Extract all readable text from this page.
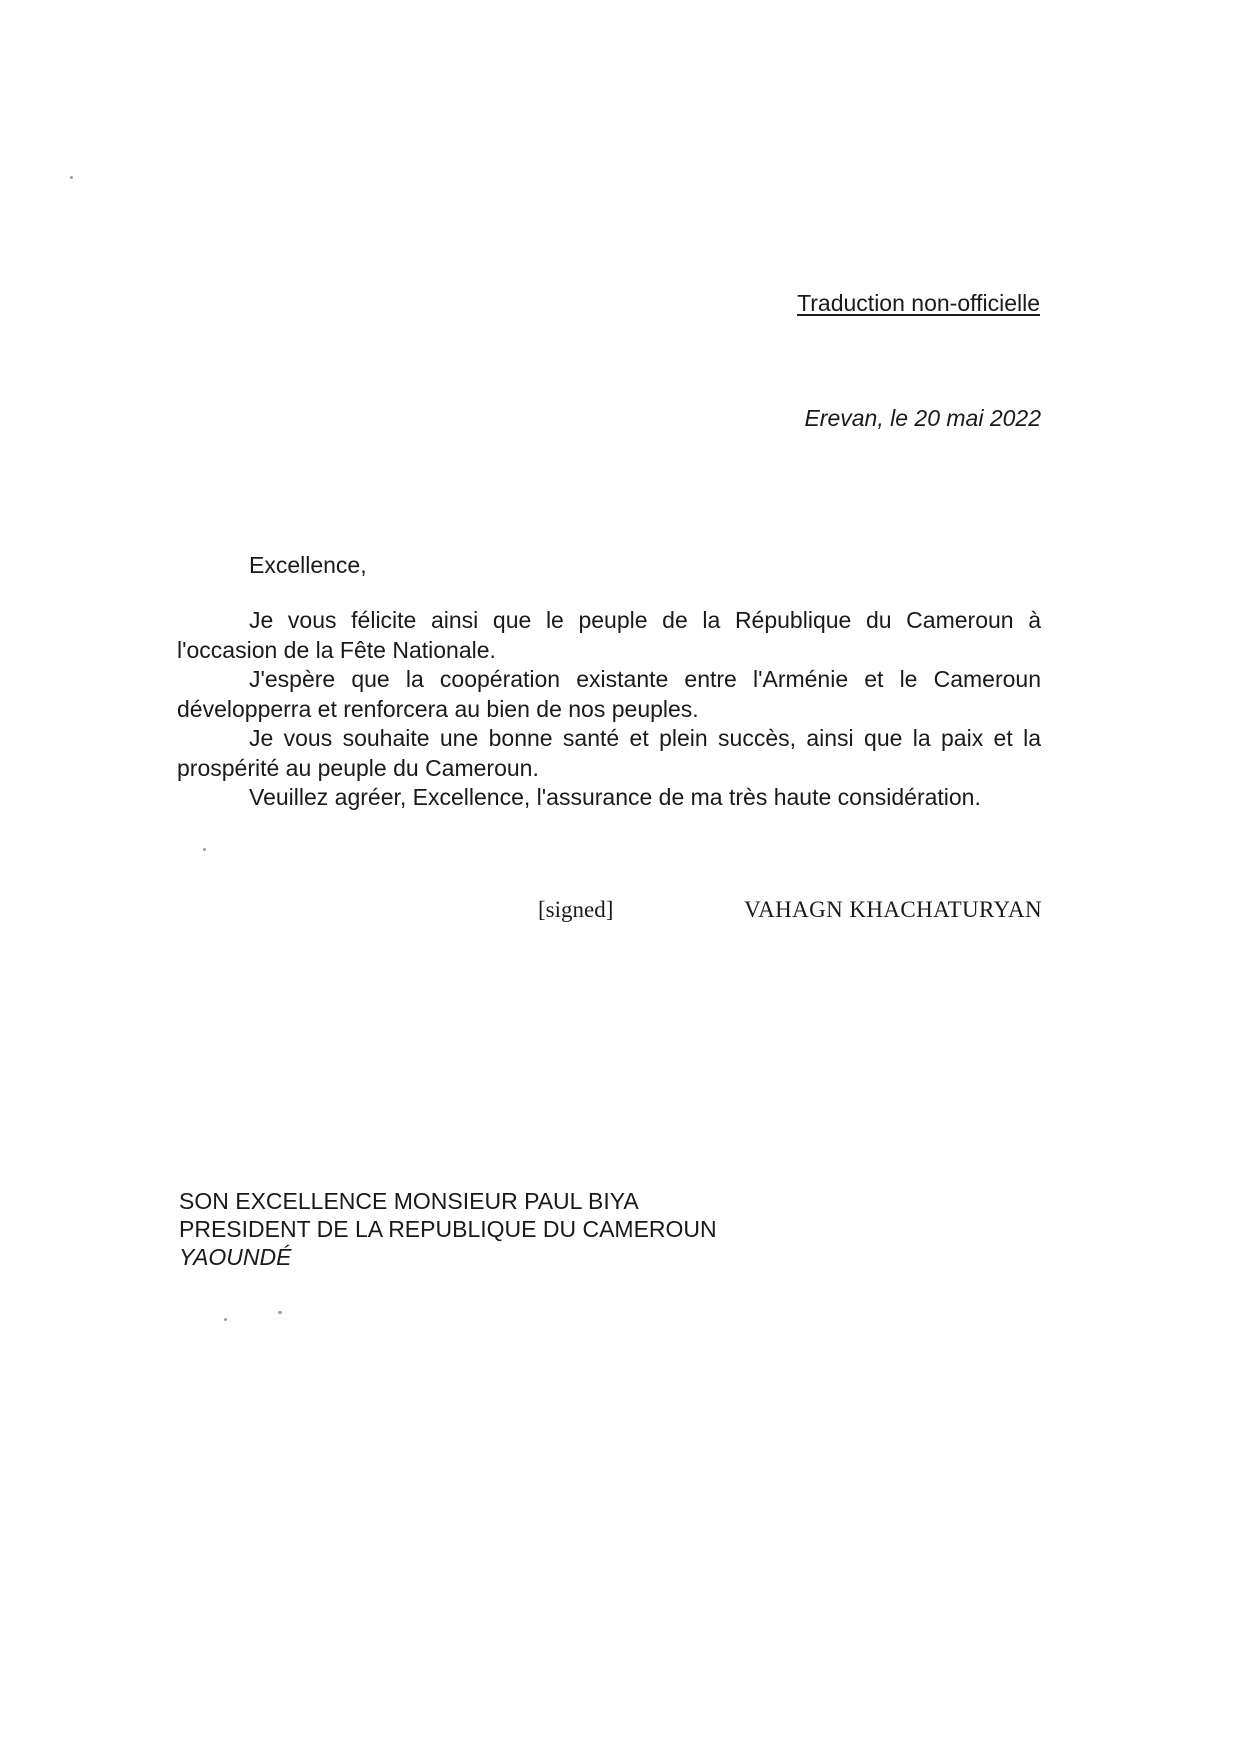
Traduction non-officielle
Erevan, le 20 mai 2022
Excellence,

Je vous félicite ainsi que le peuple de la République du Cameroun à l'occasion de la Fête Nationale.

J'espère que la coopération existante entre l'Arménie et le Cameroun développerra et renforcera au bien de nos peuples.

Je vous souhaite une bonne santé et plein succès, ainsi que la paix et la prospérité au peuple du Cameroun.

Veuillez agréer, Excellence, l'assurance de ma très haute considération.

[signed]	VAHAGN KHACHATURYAN
SON EXCELLENCE MONSIEUR PAUL BIYA
PRESIDENT DE LA REPUBLIQUE DU CAMEROUN
YAOUNDÉ
